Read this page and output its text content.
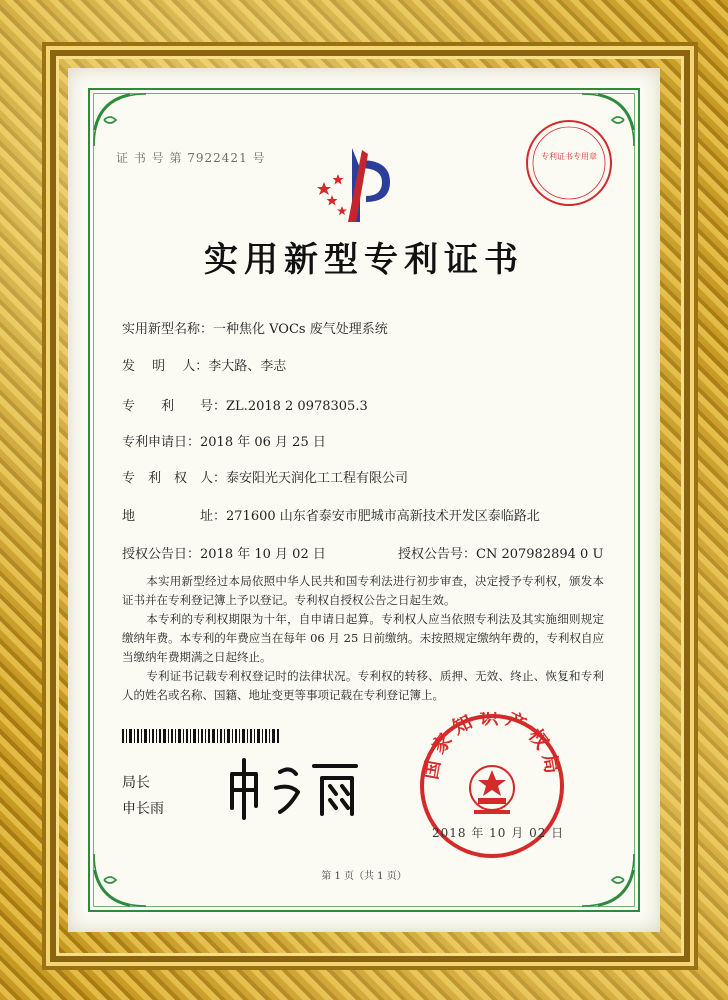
证 书 号 第 7922421 号	专利证书专用章
实用新型专利证书
实用新型名称：一种焦化 VOCs 废气处理系统
发　 明　 人：李大路、李志
专　　利　　号：ZL.2018 2 0978305.3
专利申请日：2018 年 06 月 25 日
专　利　权　人：泰安阳光天润化工工程有限公司
地　　　　　址：271600 山东省泰安市肥城市高新技术开发区泰临路北
授权公告日：2018 年 10 月 02 日	授权公告号：CN 207982894 0 U
本实用新型经过本局依照中华人民共和国专利法进行初步审查，决定授予专利权，颁发本证书并在专利登记簿上予以登记。专利权自授权公告之日起生效。
本专利的专利权期限为十年，自申请日起算。专利权人应当依照专利法及其实施细则规定缴纳年费。本专利的年费应当在每年 06 月 25 日前缴纳。未按照规定缴纳年费的，专利权自应当缴纳年费期满之日起终止。
专利证书记载专利权登记时的法律状况。专利权的转移、质押、无效、终止、恢复和专利人的姓名或名称、国籍、地址变更等事项记载在专利登记簿上。
局长
申长雨
国家知识产权局
2018 年 10 月 02 日
第 1 页（共 1 页）
